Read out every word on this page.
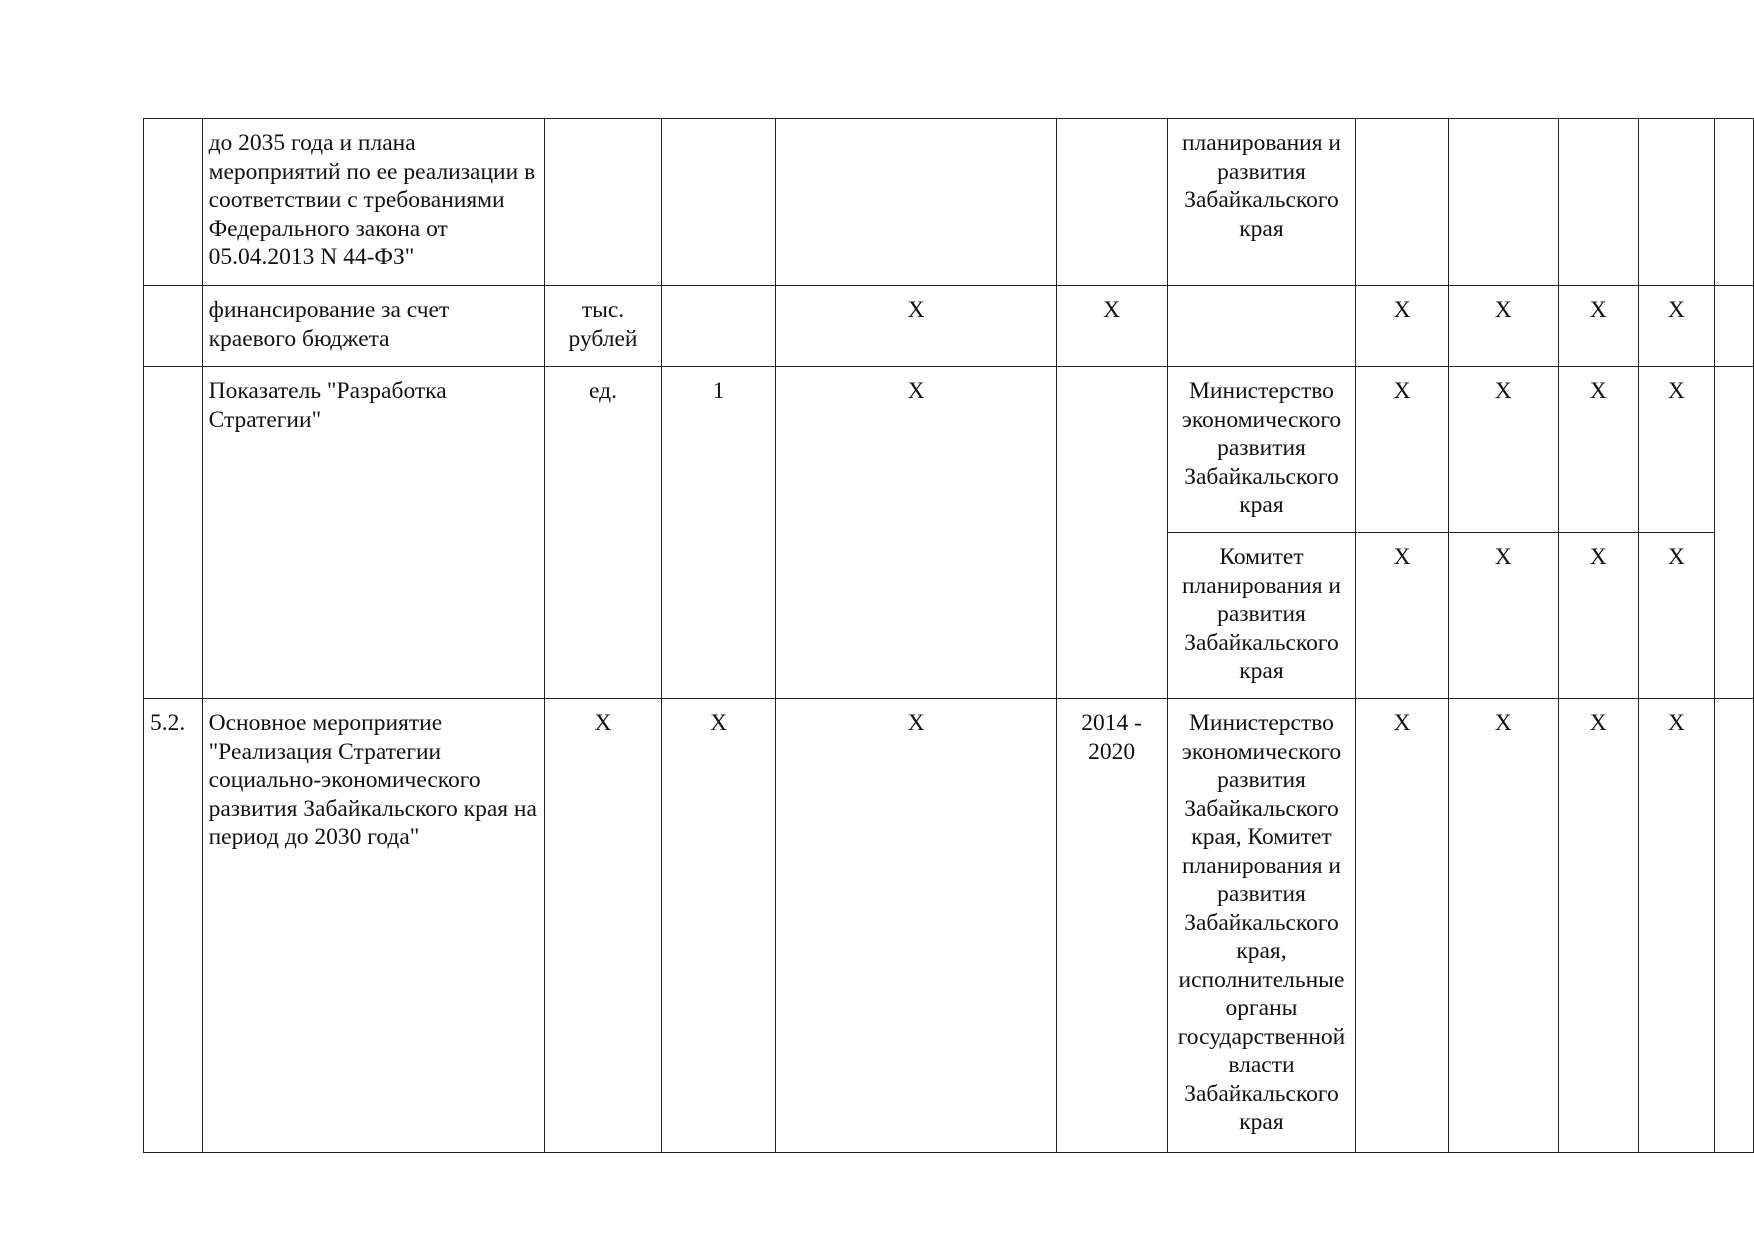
	до 2035 года и плана мероприятий по ее реализации в соответствии с требованиями Федерального закона от 05.04.2013 N 44-ФЗ"					планирования и развития Забайкальского края					
	финансирование за счет краевого бюджета	тыс. рублей		Х	Х		Х	Х	Х	Х	
	Показатель "Разработка Стратегии"	ед.	1	Х		Министерство экономического развития Забайкальского края	Х	Х	Х	Х	
						Комитет планирования и развития Забайкальского края	Х	Х	Х	Х	
5.2.	Основное мероприятие "Реализация Стратегии социально-экономического развития Забайкальского края на период до 2030 года"	Х	Х	Х	2014 - 2020	Министерство экономического развития Забайкальского края, Комитет планирования и развития Забайкальского края, исполнительные органы государственной власти Забайкальского края	Х	Х	Х	Х	
